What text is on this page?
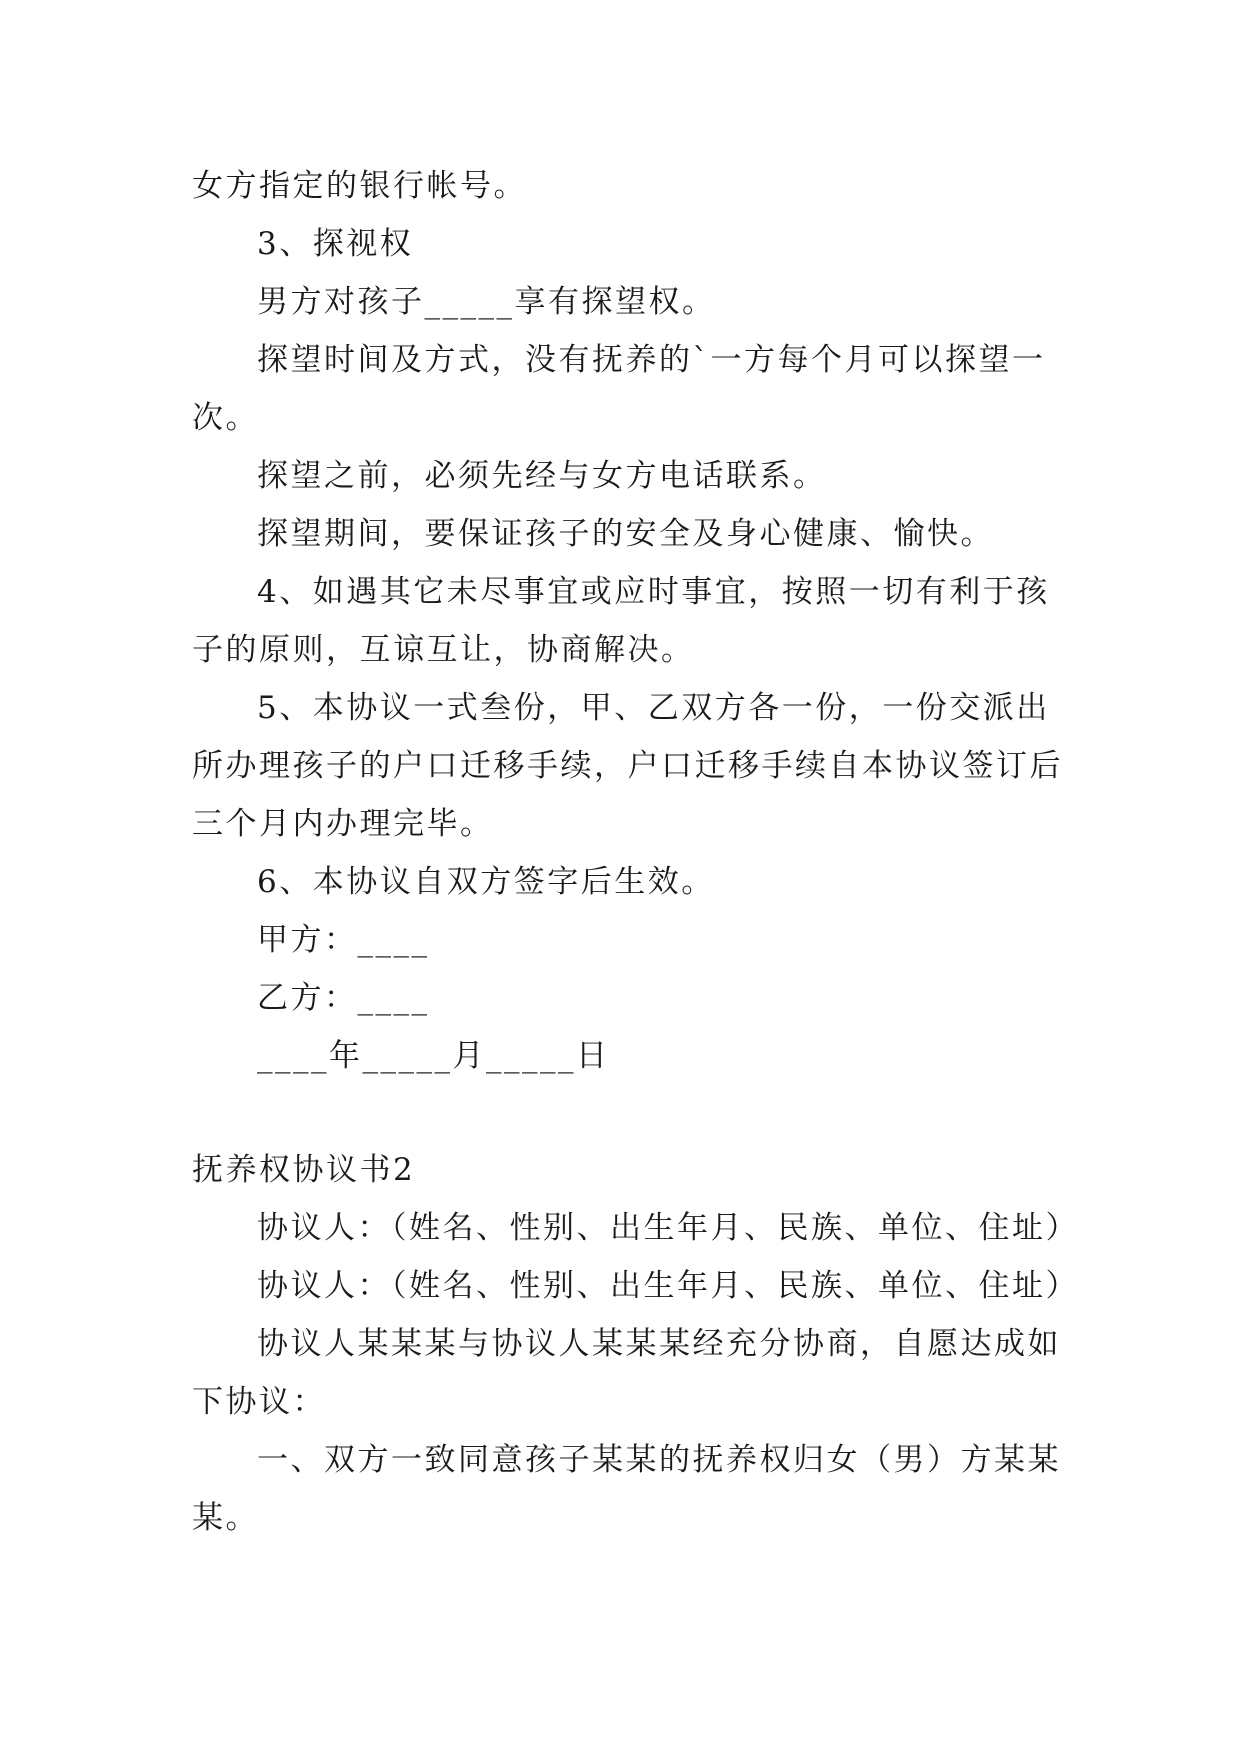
女方指定的银行帐号。
3、探视权
男方对孩子_____享有探望权。
探望时间及方式，没有抚养的`一方每个月可以探望一
次。
探望之前，必须先经与女方电话联系。
探望期间，要保证孩子的安全及身心健康、愉快。
4、如遇其它未尽事宜或应时事宜，按照一切有利于孩
子的原则，互谅互让，协商解决。
5、本协议一式叁份，甲、乙双方各一份，一份交派出
所办理孩子的户口迁移手续，户口迁移手续自本协议签订后
三个月内办理完毕。
6、本协议自双方签字后生效。
甲方：____
乙方：____
____年_____月_____日
抚养权协议书2
协议人：（姓名、性别、出生年月、民族、单位、住址）
协议人：（姓名、性别、出生年月、民族、单位、住址）
协议人某某某与协议人某某某经充分协商，自愿达成如
下协议：
一、双方一致同意孩子某某的抚养权归女（男）方某某
某。
